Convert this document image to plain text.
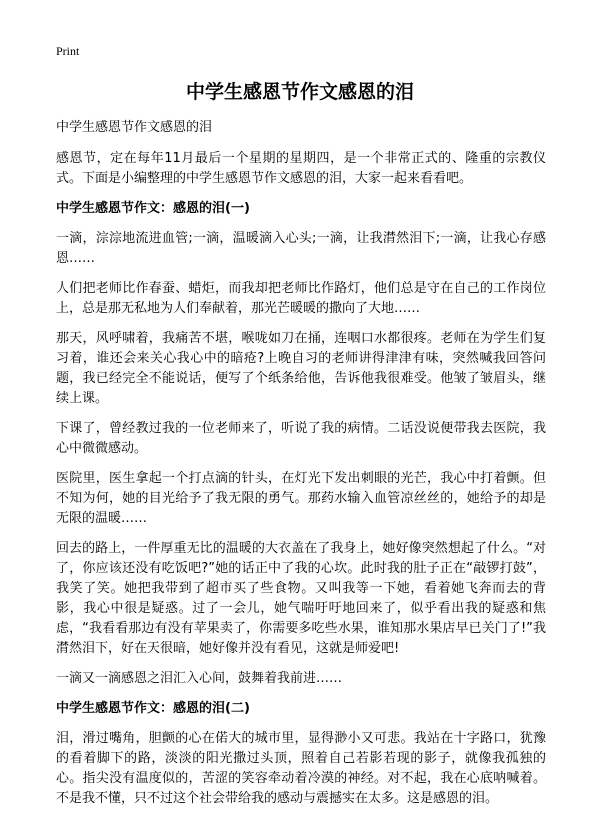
Print
中学生感恩节作文感恩的泪

中学生感恩节作文感恩的泪

感恩节，定在每年11月最后一个星期的星期四，是一个非常正式的、隆重的宗教仪式。下面是小编整理的中学生感恩节作文感恩的泪，大家一起来看看吧。

中学生感恩节作文：感恩的泪(一)

一滴，淙淙地流进血管;一滴，温暖滴入心头;一滴，让我潸然泪下;一滴，让我心存感恩……

人们把老师比作春蚕、蜡炬，而我却把老师比作路灯，他们总是守在自己的工作岗位上，总是那无私地为人们奉献着，那光芒暖暖的撒向了大地……

那天，风呼啸着，我痛苦不堪，喉咙如刀在捅，连咽口水都很疼。老师在为学生们复习着，谁还会来关心我心中的暗疮?上晚自习的老师讲得津津有味，突然喊我回答问题，我已经完全不能说话，便写了个纸条给他，告诉他我很难受。他皱了皱眉头，继续上课。

下课了，曾经教过我的一位老师来了，听说了我的病情。二话没说便带我去医院，我心中微微感动。

医院里，医生拿起一个打点滴的针头，在灯光下发出刺眼的光芒，我心中打着颤。但不知为何，她的目光给予了我无限的勇气。那药水输入血管凉丝丝的，她给予的却是无限的温暖……

回去的路上，一件厚重无比的温暖的大衣盖在了我身上，她好像突然想起了什么。“对了，你应该还没有吃饭吧?”她的话正中了我的心坎。此时我的肚子正在“敲锣打鼓”，我笑了笑。她把我带到了超市买了些食物。又叫我等一下她，看着她飞奔而去的背影，我心中很是疑惑。过了一会儿，她气喘吁吁地回来了，似乎看出我的疑惑和焦虑，“我看看那边有没有苹果卖了，你需要多吃些水果，谁知那水果店早已关门了!”我潸然泪下，好在天很暗，她好像并没有看见，这就是师爱吧!

一滴又一滴感恩之泪汇入心间，鼓舞着我前进……

中学生感恩节作文：感恩的泪(二)

泪，滑过嘴角，胆颤的心在偌大的城市里，显得渺小又可悲。我站在十字路口，犹豫的看着脚下的路，淡淡的阳光撒过头顶，照着自己若影若现的影子，就像我孤独的心。指尖没有温度似的，苦涩的笑容牵动着冷漠的神经。对不起，我在心底呐喊着。不是我不懂，只不过这个社会带给我的感动与震撼实在太多。这是感恩的泪。
